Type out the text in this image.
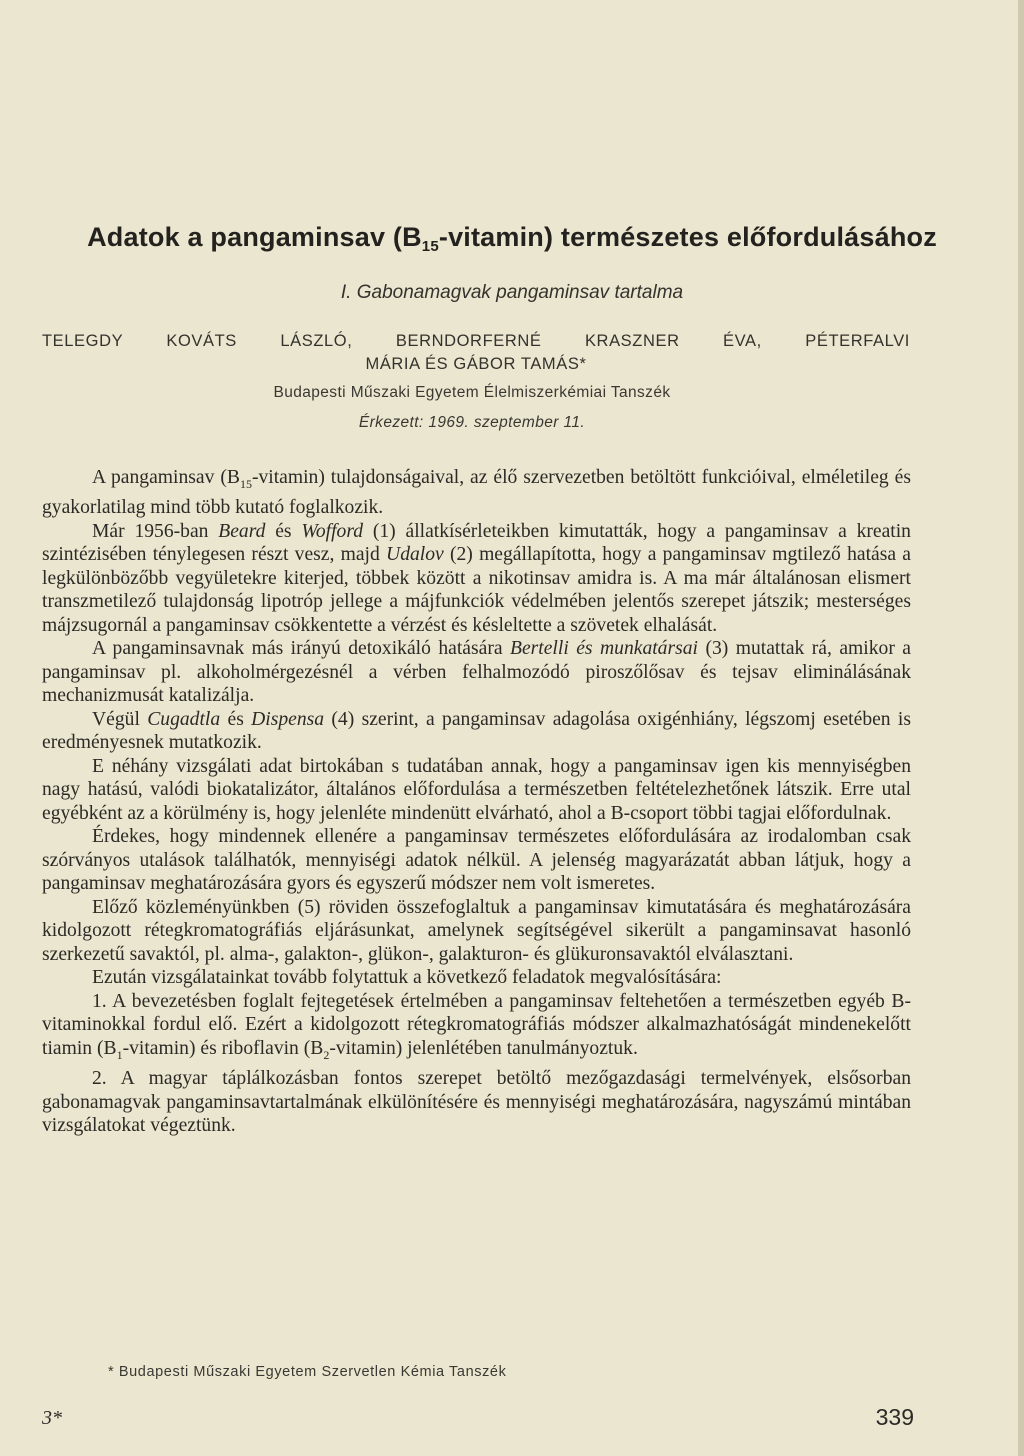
Adatok a pangaminsav $(B_{15}-vitamin)$ természetes előfordulásához
I. Gabonamagvak pangaminsav tartalma
TELEGDY KOVÁTS LÁSZLÓ, BERNDORFERNÉ KRASZNER ÉVA, PÉTERFALVI
MÁRIA ÉS GÁBOR TAMÁS*
Budapesti Műszaki Egyetem Élelmiszerkémiai Tanszék
Érkezett: 1969. szeptember 11.

A pangaminsav $(B_{15}-vitamin)$ tulajdonságaival, az élő szervezetben betöltött funkcióival, elméletileg és gyakorlatilag mind több kutató foglalkozik.

Már 1956-ban Beard és Wofford (1) állatkísérleteikben kimutatták, hogy a pangaminsav a kreatin szintézisében ténylegesen részt vesz, majd Udalov (2) megállapította, hogy a pangaminsav mgtilező hatása a legkülönbözőbb vegyületekre kiterjed, többek között a nikotinsav amidra is. A ma már általánosan elismert transzmetilező tulajdonság lipotróp jellege a májfunkciók védelmében jelentős szerepet játszik; mesterséges májzsugornál a pangaminsav csökkentette a vérzést és késleltette a szövetek elhalását.

A pangaminsavnak más irányú detoxikáló hatására Bertelli és munkatársai (3) mutattak rá, amikor a pangaminsav pl. alkoholmérgezésnél a vérben felhalmozódó piroszőlősav és tejsav eliminálásának mechanizmusát katalizálja.

Végül Cugadtla és Dispensa (4) szerint, a pangaminsav adagolása oxigénhiány, légszomj esetében is eredményesnek mutatkozik.

E néhány vizsgálati adat birtokában s tudatában annak, hogy a pangaminsav igen kis mennyiségben nagy hatású, valódi biokatalizátor, általános előfordulása a természetben feltételezhetőnek látszik. Erre utal egyébként az a körülmény is, hogy jelenléte mindenütt elvárható, ahol a B-csoport többi tagjai előfordulnak.

Érdekes, hogy mindennek ellenére a pangaminsav természetes előfordulására az irodalomban csak szórványos utalások találhatók, mennyiségi adatok nélkül. A jelenség magyarázatát abban látjuk, hogy a pangaminsav meghatározására gyors és egyszerű módszer nem volt ismeretes.

Előző közleményünkben (5) röviden összefoglaltuk a pangaminsav kimutatására és meghatározására kidolgozott rétegkromatográfiás eljárásunkat, amelynek segítségével sikerült a pangaminsavat hasonló szerkezetű savaktól, pl. alma-, galakton-, glükon-, galakturon- és glükuronsavaktól elválasztani.

Ezután vizsgálatainkat tovább folytattuk a következő feladatok megvalósítására:

1. A bevezetésben foglalt fejtegetések értelmében a pangaminsav feltehetően a természetben egyéb B-vitaminokkal fordul elő. Ezért a kidolgozott rétegkromatográfiás módszer alkalmazhatóságát mindenekelőtt tiamin $(B_1-vitamin)$ és riboflavin $(B_2-vitamin)$ jelenlétében tanulmányoztuk.

2. A magyar táplálkozásban fontos szerepet betöltő mezőgazdasági termelvények, elsősorban gabonamagvak pangaminsavtartalmának elkülönítésére és mennyiségi meghatározására, nagyszámú mintában vizsgálatokat végeztünk.

* Budapesti Műszaki Egyetem Szervetlen Kémia Tanszék
3*	339
